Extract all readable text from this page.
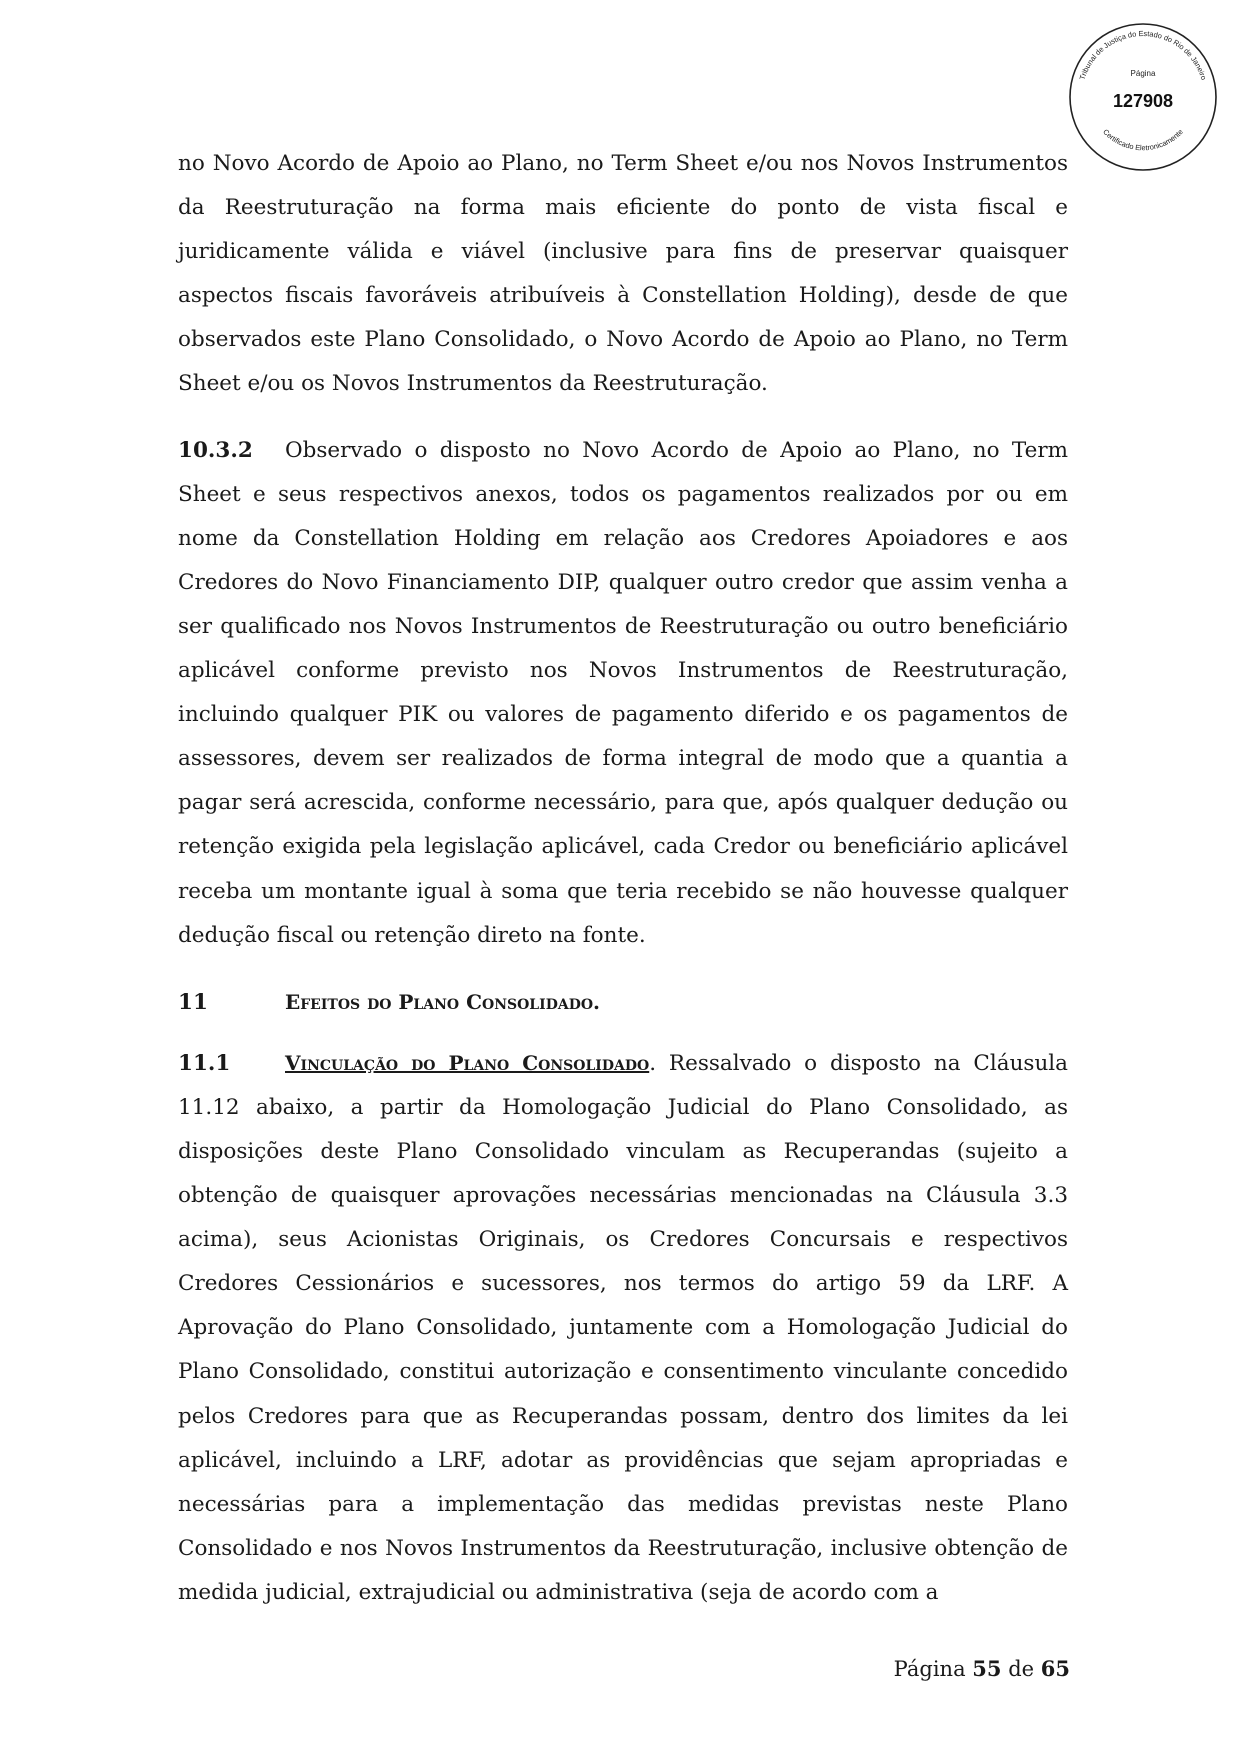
Tribunal de Justiça do Estado do Rio de Janeiro
Página
127908
Certificado Eletronicamente

no Novo Acordo de Apoio ao Plano, no Term Sheet e/ou nos Novos Instrumentos da Reestruturação na forma mais eficiente do ponto de vista fiscal e juridicamente válida e viável (inclusive para fins de preservar quaisquer aspectos fiscais favoráveis atribuíveis à Constellation Holding), desde de que observados este Plano Consolidado, o Novo Acordo de Apoio ao Plano, no Term Sheet e/ou os Novos Instrumentos da Reestruturação.

10.3.2 Observado o disposto no Novo Acordo de Apoio ao Plano, no Term Sheet e seus respectivos anexos, todos os pagamentos realizados por ou em nome da Constellation Holding em relação aos Credores Apoiadores e aos Credores do Novo Financiamento DIP, qualquer outro credor que assim venha a ser qualificado nos Novos Instrumentos de Reestruturação ou outro beneficiário aplicável conforme previsto nos Novos Instrumentos de Reestruturação, incluindo qualquer PIK ou valores de pagamento diferido e os pagamentos de assessores, devem ser realizados de forma integral de modo que a quantia a pagar será acrescida, conforme necessário, para que, após qualquer dedução ou retenção exigida pela legislação aplicável, cada Credor ou beneficiário aplicável receba um montante igual à soma que teria recebido se não houvesse qualquer dedução fiscal ou retenção direto na fonte.

11	Efeitos do Plano Consolidado.

11.1	Vinculação do Plano Consolidado. Ressalvado o disposto na Cláusula 11.12 abaixo, a partir da Homologação Judicial do Plano Consolidado, as disposições deste Plano Consolidado vinculam as Recuperandas (sujeito a obtenção de quaisquer aprovações necessárias mencionadas na Cláusula 3.3 acima), seus Acionistas Originais, os Credores Concursais e respectivos Credores Cessionários e sucessores, nos termos do artigo 59 da LRF. A Aprovação do Plano Consolidado, juntamente com a Homologação Judicial do Plano Consolidado, constitui autorização e consentimento vinculante concedido pelos Credores para que as Recuperandas possam, dentro dos limites da lei aplicável, incluindo a LRF, adotar as providências que sejam apropriadas e necessárias para a implementação das medidas previstas neste Plano Consolidado e nos Novos Instrumentos da Reestruturação, inclusive obtenção de medida judicial, extrajudicial ou administrativa (seja de acordo com a

Página 55 de 65
